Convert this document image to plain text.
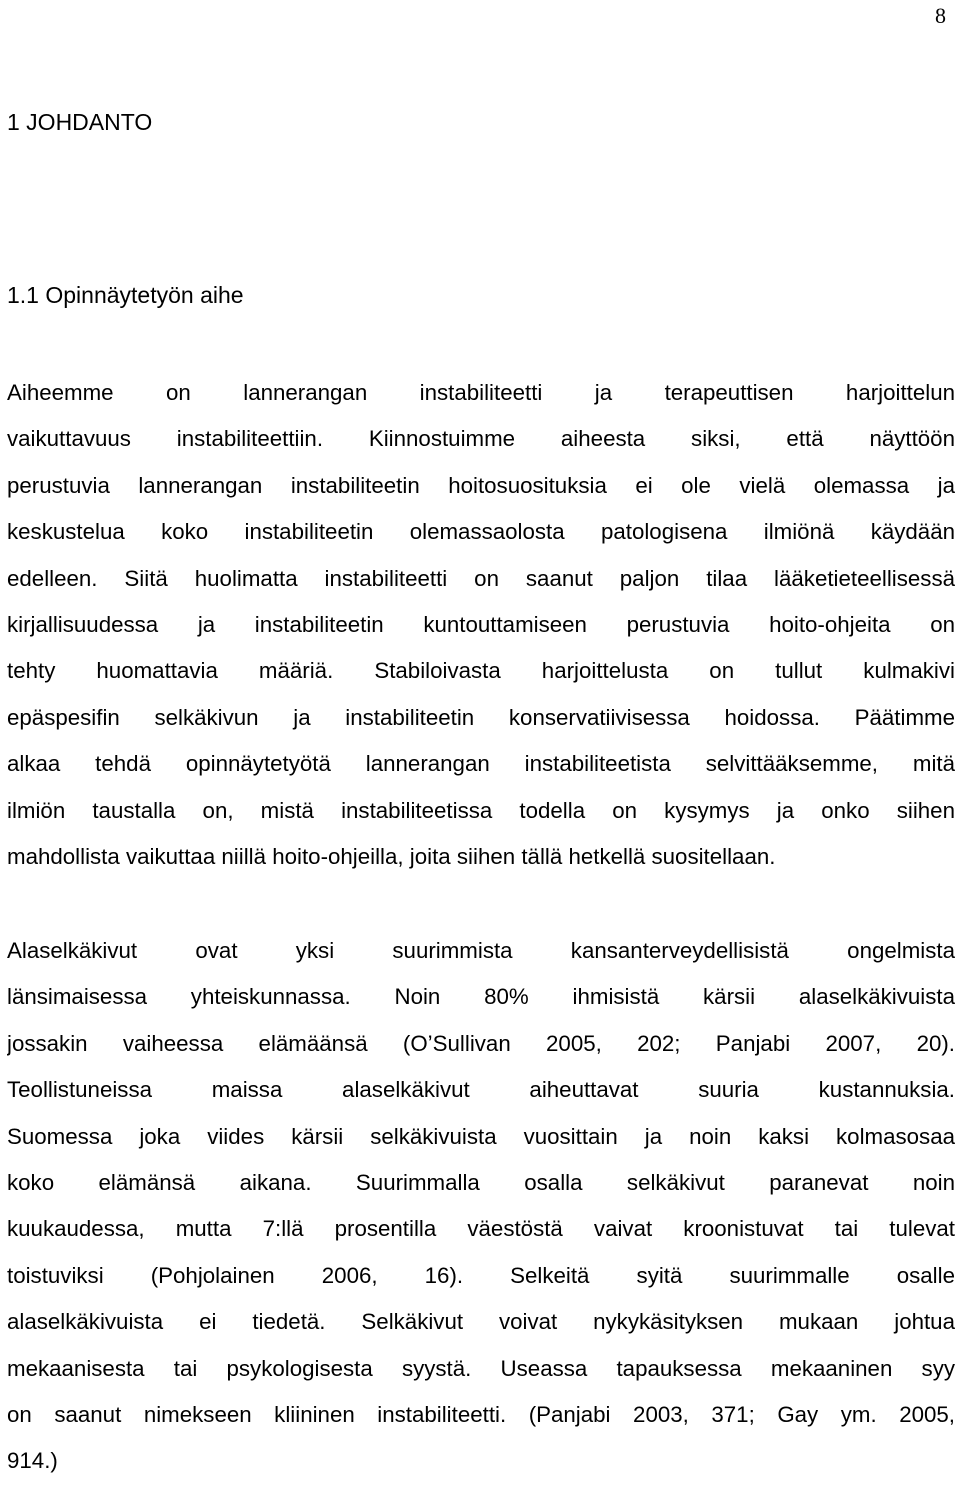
8
1 JOHDANTO
1.1 Opinnäytetyön aihe
Aiheemme on lannerangan instabiliteetti ja terapeuttisen harjoittelun
vaikuttavuus instabiliteettiin. Kiinnostuimme aiheesta siksi, että näyttöön
perustuvia lannerangan instabiliteetin hoitosuosituksia ei ole vielä olemassa ja
keskustelua koko instabiliteetin olemassaolosta patologisena ilmiönä käydään
edelleen. Siitä huolimatta instabiliteetti on saanut paljon tilaa lääketieteellisessä
kirjallisuudessa ja instabiliteetin kuntouttamiseen perustuvia hoito-ohjeita on
tehty huomattavia määriä. Stabiloivasta harjoittelusta on tullut kulmakivi
epäspesifin selkäkivun ja instabiliteetin konservatiivisessa hoidossa. Päätimme
alkaa tehdä opinnäytetyötä lannerangan instabiliteetista selvittääksemme, mitä
ilmiön taustalla on, mistä instabiliteetissa todella on kysymys ja onko siihen
mahdollista vaikuttaa niillä hoito-ohjeilla, joita siihen tällä hetkellä suositellaan.
Alaselkäkivut ovat yksi suurimmista kansanterveydellisistä ongelmista
länsimaisessa yhteiskunnassa. Noin 80% ihmisistä kärsii alaselkäkivuista
jossakin vaiheessa elämäänsä (O’Sullivan 2005, 202; Panjabi 2007, 20).
Teollistuneissa maissa alaselkäkivut aiheuttavat suuria kustannuksia.
Suomessa joka viides kärsii selkäkivuista vuosittain ja noin kaksi kolmasosaa
koko elämänsä aikana. Suurimmalla osalla selkäkivut paranevat noin
kuukaudessa, mutta 7:llä prosentilla väestöstä vaivat kroonistuvat tai tulevat
toistuviksi (Pohjolainen 2006, 16). Selkeitä syitä suurimmalle osalle
alaselkäkivuista ei tiedetä. Selkäkivut voivat nykykäsityksen mukaan johtua
mekaanisesta tai psykologisesta syystä. Useassa tapauksessa mekaaninen syy
on saanut nimekseen kliininen instabiliteetti. (Panjabi 2003, 371; Gay ym. 2005,
914.)
